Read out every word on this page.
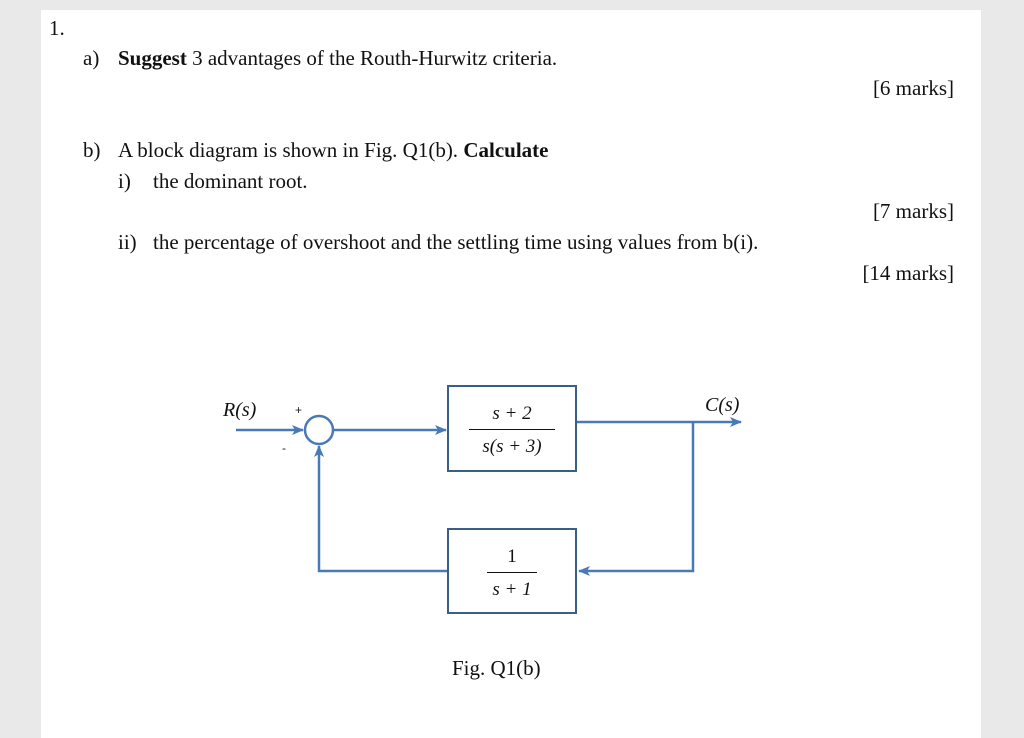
1.
a) Suggest 3 advantages of the Routh-Hurwitz criteria.
[6 marks]
b) A block diagram is shown in Fig. Q1(b). Calculate
i) the dominant root.
[7 marks]
ii) the percentage of overshoot and the settling time using values from b(i).
[14 marks]
R(s)	C(s)
+
-
s + 2
s(s + 3)
1
s + 1
Fig. Q1(b)
